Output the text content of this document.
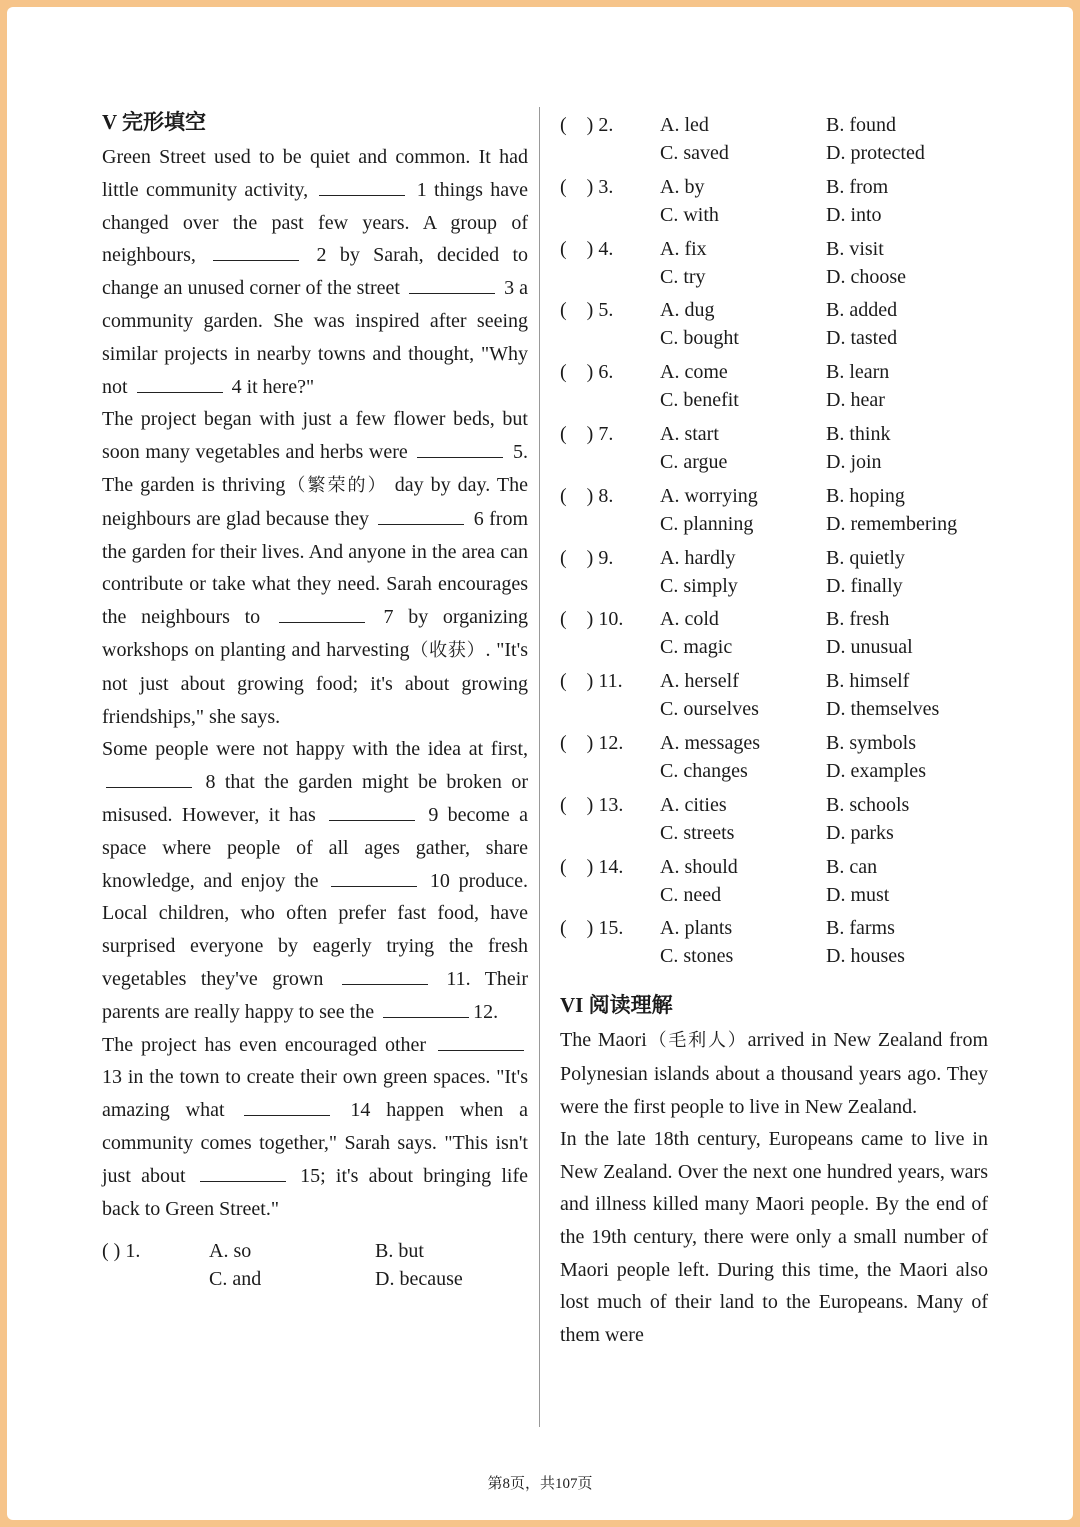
V 完形填空

Green Street used to be quiet and common. It had little community activity,	1 things have changed over the past few years. A group of neighbours,	2 by Sarah, decided to change an unused corner of the street	3 a community garden. She was inspired after seeing similar projects in nearby towns and thought, "Why not	4 it here?"

The project began with just a few flower beds, but soon many vegetables and herbs were	5. The garden is thriving（繁荣的） day by day. The neighbours are glad because they	6 from the garden for their lives. And anyone in the area can contribute or take what they need. Sarah encourages the neighbours to	7 by organizing workshops on planting and harvesting（收获）. "It's not just about growing food; it's about growing friendships," she says.

Some people were not happy with the idea at first,  8 that the garden might be broken or misused. However, it has	9 become a space where people of all ages gather, share knowledge, and enjoy the	10 produce. Local children, who often prefer fast food, have surprised everyone by eagerly trying the fresh vegetables they've grown	11. Their parents are really happy to see the	12.

The project has even encouraged other  13 in the town to create their own green spaces. "It's amazing what	14 happen when a community comes together," Sarah says. "This isn't just about	15; it's about bringing life back to Green Street."

( ) 1.	A. so	B. but
C. and	D. because
(    ) 2.	A. led	B. found
C. saved	D. protected
(    ) 3.	A. by	B. from
C. with	D. into
(    ) 4.	A. fix	B. visit
C. try	D. choose
(    ) 5.	A. dug	B. added
C. bought	D. tasted
(    ) 6.	A. come	B. learn
C. benefit	D. hear
(    ) 7.	A. start	B. think
C. argue	D. join
(    ) 8.	A. worrying	B. hoping
C. planning	D. remembering
(    ) 9.	A. hardly	B. quietly
C. simply	D. finally
(    ) 10.	A. cold	B. fresh
C. magic	D. unusual
(    ) 11.	A. herself	B. himself
C. ourselves	D. themselves
(    ) 12.	A. messages	B. symbols
C. changes	D. examples
(    ) 13.	A. cities	B. schools
C. streets	D. parks
(    ) 14.	A. should	B. can
C. need	D. must
(    ) 15.	A. plants	B. farms
C. stones	D. houses
VI 阅读理解

The Maori（毛利人）arrived in New Zealand from Polynesian islands about a thousand years ago. They were the first people to live in New Zealand.

In the late 18th century, Europeans came to live in New Zealand. Over the next one hundred years, wars and illness killed many Maori people. By the end of the 19th century, there were only a small number of Maori people left. During this time, the Maori also lost much of their land to the Europeans. Many of them were

第8页，共107页
